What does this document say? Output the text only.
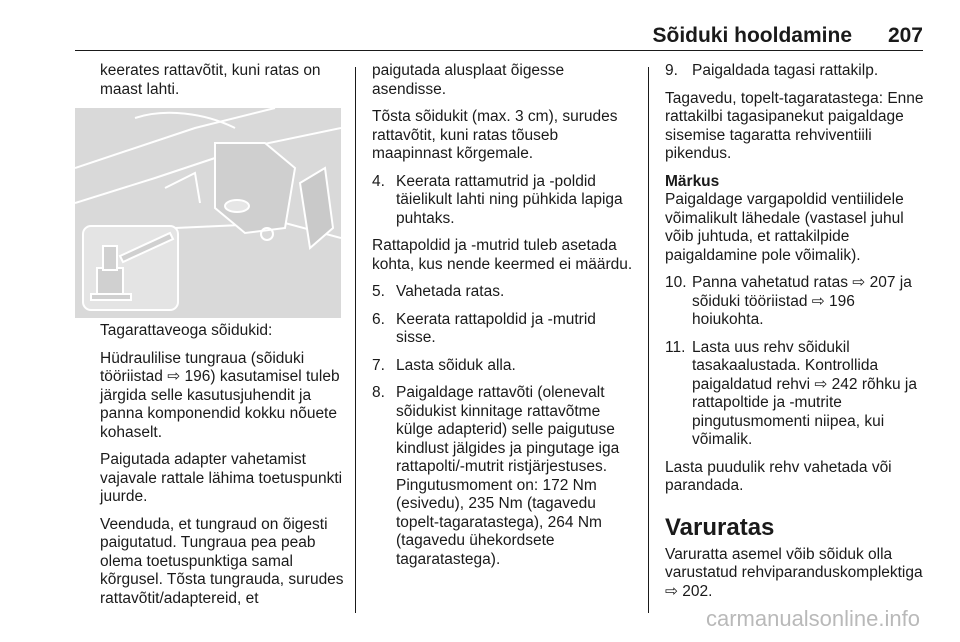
Sõiduki hooldamine 207

keerates rattavõtit, kuni ratas on maast lahti.

Tagarattaveoga sõidukid:

Hüdraulilise tungraua (sõiduki tööriistad ⇨ 196) kasutamisel tuleb järgida selle kasutusjuhendit ja panna komponendid kokku nõuete kohaselt.

Paigutada adapter vahetamist vajavale rattale lähima toetuspunkti juurde.

Veenduda, et tungraud on õigesti paigutatud. Tungraua pea peab olema toetuspunktiga samal kõrgusel. Tõsta tungrauda, surudes rattavõtit/adaptereid, et

paigutada alusplaat õigesse asendisse.

Tõsta sõidukit (max. 3 cm), surudes rattavõtit, kuni ratas tõuseb maapinnast kõrgemale.

4. Keerata rattamutrid ja -poldid täielikult lahti ning pühkida lapiga puhtaks.

Rattapoldid ja -mutrid tuleb asetada kohta, kus nende keermed ei määrdu.

5. Vahetada ratas.
6. Keerata rattapoldid ja -mutrid sisse.
7. Lasta sõiduk alla.
8. Paigaldage rattavõti (olenevalt sõidukist kinnitage rattavõtme külge adapterid) selle paigutuse kindlust jälgides ja pingutage iga rattapolti/-mutrit ristjärjestuses. Pingutusmoment on: 172 Nm (esivedu), 235 Nm (tagavedu topelt-tagaratastega), 264 Nm (tagavedu ühekordsete tagaratastega).
9. Paigaldada tagasi rattakilp.

Tagavedu, topelt-tagaratastega: Enne rattakilbi tagasipanekut paigaldage sisemise tagaratta rehviventiili pikendus.

Märkus

Paigaldage vargapoldid ventiilidele võimalikult lähedale (vastasel juhul võib juhtuda, et rattakilpide paigaldamine pole võimalik).

10. Panna vahetatud ratas ⇨ 207 ja sõiduki tööriistad ⇨ 196 hoiukohta.
11. Lasta uus rehv sõidukil tasakaalustada. Kontrollida paigaldatud rehvi ⇨ 242 rõhku ja rattapoltide ja -mutrite pingutusmomenti niipea, kui võimalik.

Lasta puudulik rehv vahetada või parandada.

Varuratas

Varuratta asemel võib sõiduk olla varustatud rehviparanduskomplektiga ⇨ 202.

carmanualsonline.info
